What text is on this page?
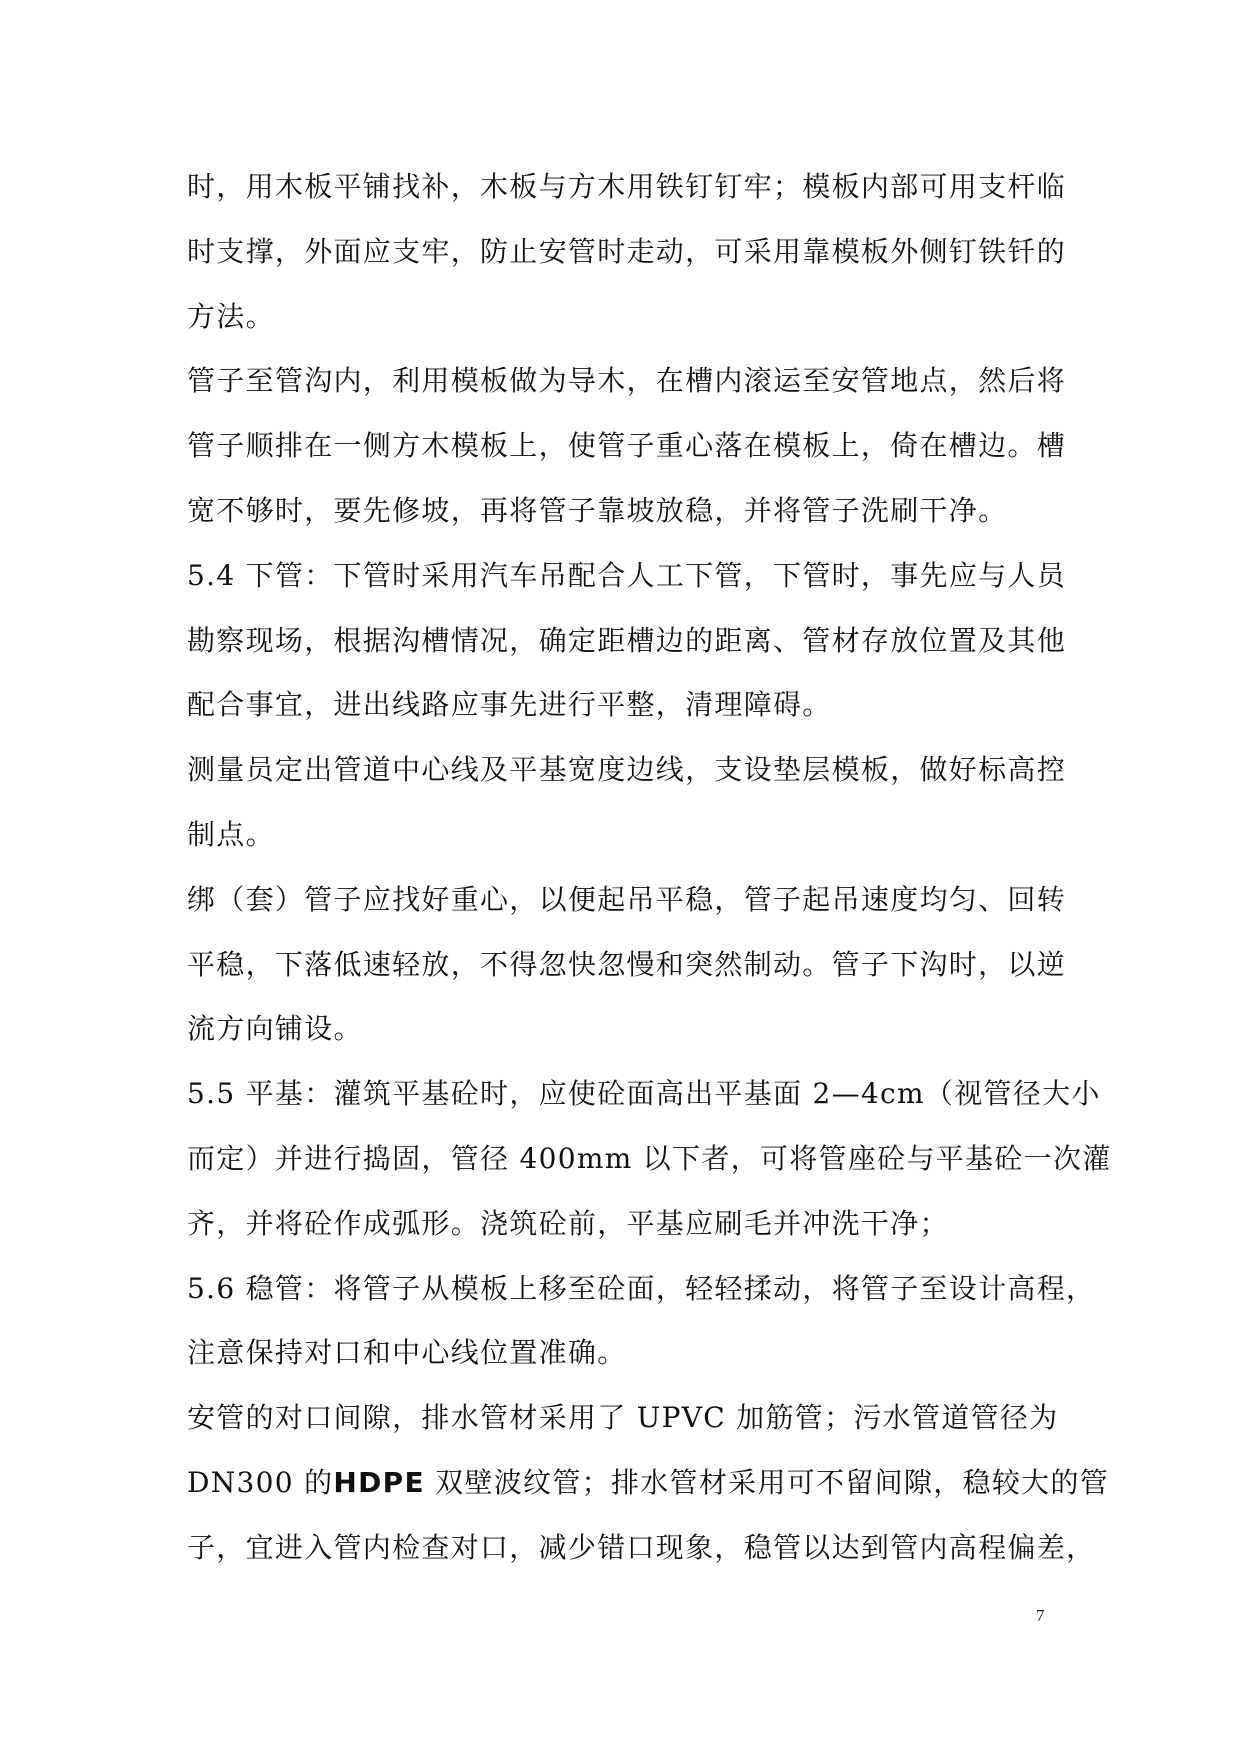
时，用木板平铺找补，木板与方木用铁钉钉牢；模板内部可用支杆临
时支撑，外面应支牢，防止安管时走动，可采用靠模板外侧钉铁钎的
方法。
管子至管沟内，利用模板做为导木，在槽内滚运至安管地点，然后将
管子顺排在一侧方木模板上，使管子重心落在模板上，倚在槽边。槽
宽不够时，要先修坡，再将管子靠坡放稳，并将管子洗刷干净。
5.4 下管：下管时采用汽车吊配合人工下管，下管时，事先应与人员
勘察现场，根据沟槽情况，确定距槽边的距离、管材存放位置及其他
配合事宜，进出线路应事先进行平整，清理障碍。
测量员定出管道中心线及平基宽度边线，支设垫层模板，做好标高控
制点。
绑（套）管子应找好重心，以便起吊平稳，管子起吊速度均匀、回转
平稳，下落低速轻放，不得忽快忽慢和突然制动。管子下沟时，以逆
流方向铺设。
5.5 平基：灌筑平基砼时，应使砼面高出平基面 2—4cm（视管径大小
而定）并进行捣固，管径 400mm 以下者，可将管座砼与平基砼一次灌
齐，并将砼作成弧形。浇筑砼前，平基应刷毛并冲洗干净；
5.6 稳管：将管子从模板上移至砼面，轻轻揉动，将管子至设计高程，
注意保持对口和中心线位置准确。
安管的对口间隙，排水管材采用了 UPVC 加筋管；污水管道管径为
DN300 的HDPE 双壁波纹管；排水管材采用可不留间隙，稳较大的管
子，宜进入管内检查对口，减少错口现象，稳管以达到管内高程偏差，
7
